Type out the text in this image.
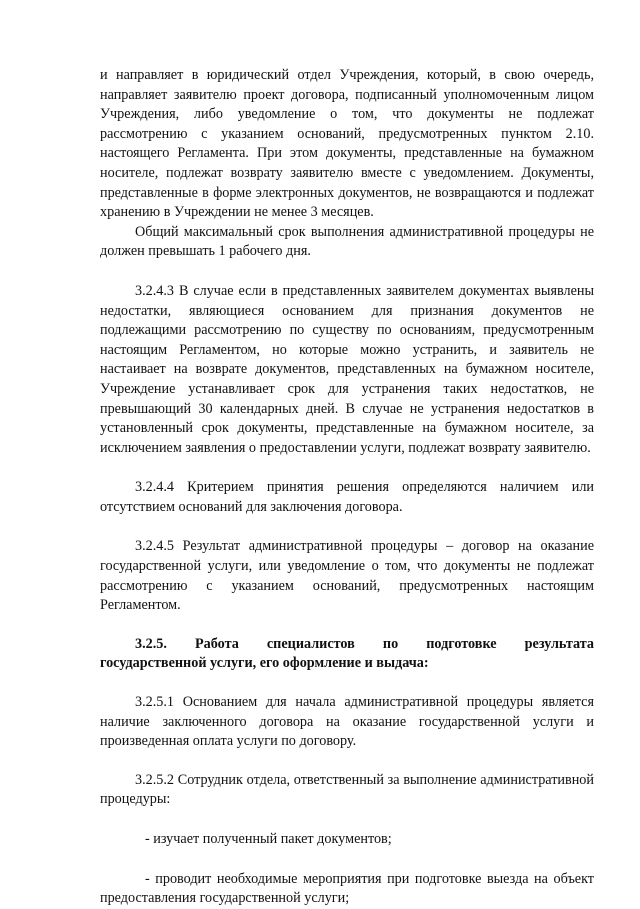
и направляет в юридический отдел Учреждения, который, в свою очередь, направляет заявителю проект договора, подписанный уполномоченным лицом Учреждения, либо уведомление о том, что документы не подлежат рассмотрению с указанием оснований, предусмотренных пунктом 2.10. настоящего Регламента. При этом документы, представленные на бумажном носителе, подлежат возврату заявителю вместе с уведомлением. Документы, представленные в форме электронных документов, не возвращаются и подлежат хранению в Учреждении не менее 3 месяцев.

Общий максимальный срок выполнения административной процедуры не должен превышать 1 рабочего дня.

3.2.4.3 В случае если в представленных заявителем документах выявлены недостатки, являющиеся основанием для признания документов не подлежащими рассмотрению по существу по основаниям, предусмотренным настоящим Регламентом, но которые можно устранить, и заявитель не настаивает на возврате документов, представленных на бумажном носителе, Учреждение устанавливает срок для устранения таких недостатков, не превышающий 30 календарных дней. В случае не устранения недостатков в установленный срок документы, представленные на бумажном носителе, за исключением заявления о предоставлении услуги, подлежат возврату заявителю.

3.2.4.4 Критерием принятия решения определяются наличием или отсутствием оснований для заключения договора.

3.2.4.5 Результат административной процедуры – договор на оказание государственной услуги, или уведомление о том, что документы не подлежат рассмотрению с указанием оснований, предусмотренных настоящим Регламентом.

3.2.5. Работа специалистов по подготовке результата
государственной услуги, его оформление и выдача:

3.2.5.1 Основанием для начала административной процедуры является наличие заключенного договора на оказание государственной услуги и произведенная оплата услуги по договору.

3.2.5.2 Сотрудник отдела, ответственный за выполнение административной процедуры:

- изучает полученный пакет документов;

- проводит необходимые мероприятия при подготовке выезда на объект предоставления государственной услуги;
